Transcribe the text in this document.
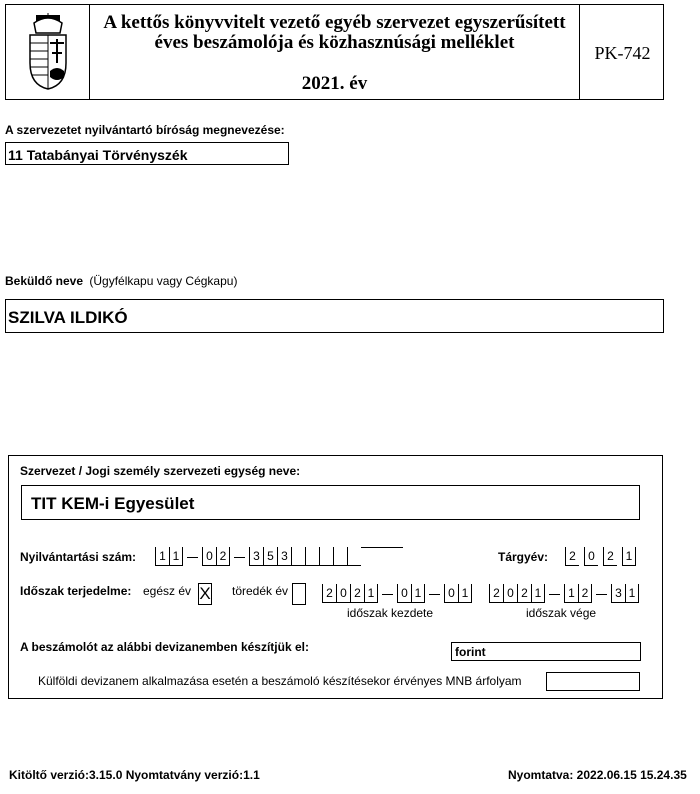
A kettős könyvvitelt vezető egyéb szervezet egyszerűsített
éves beszámolója és közhasznúsági melléklet
2021. év
PK-742
A szervezetet nyilvántartó bíróság megnevezése:
11 Tatabányai Törvényszék
Beküldő neve (Ügyfélkapu vagy Cégkapu)
SZILVA ILDIKÓ
Szervezet / Jogi személy szervezeti egység neve:
TIT KEM-i Egyesület
Nyilvántartási szám:	1 1	0 2	3 5 3	Tárgyév:	2	0	2 1
Időszak terjedelme: egész év X töredék év	2 0 2 1	0 1	0 1
időszak kezdete
2 0 2 1	1 2	3 1
időszak vége
A beszámolót az alábbi devizanemben készítjük el:	forint
Külföldi devizanem alkalmazása esetén a beszámoló készítésekor érvényes MNB árfolyam
Kitöltő verzió:3.15.0 Nyomtatvány verzió:1.1	Nyomtatva: 2022.06.15 15.24.35
